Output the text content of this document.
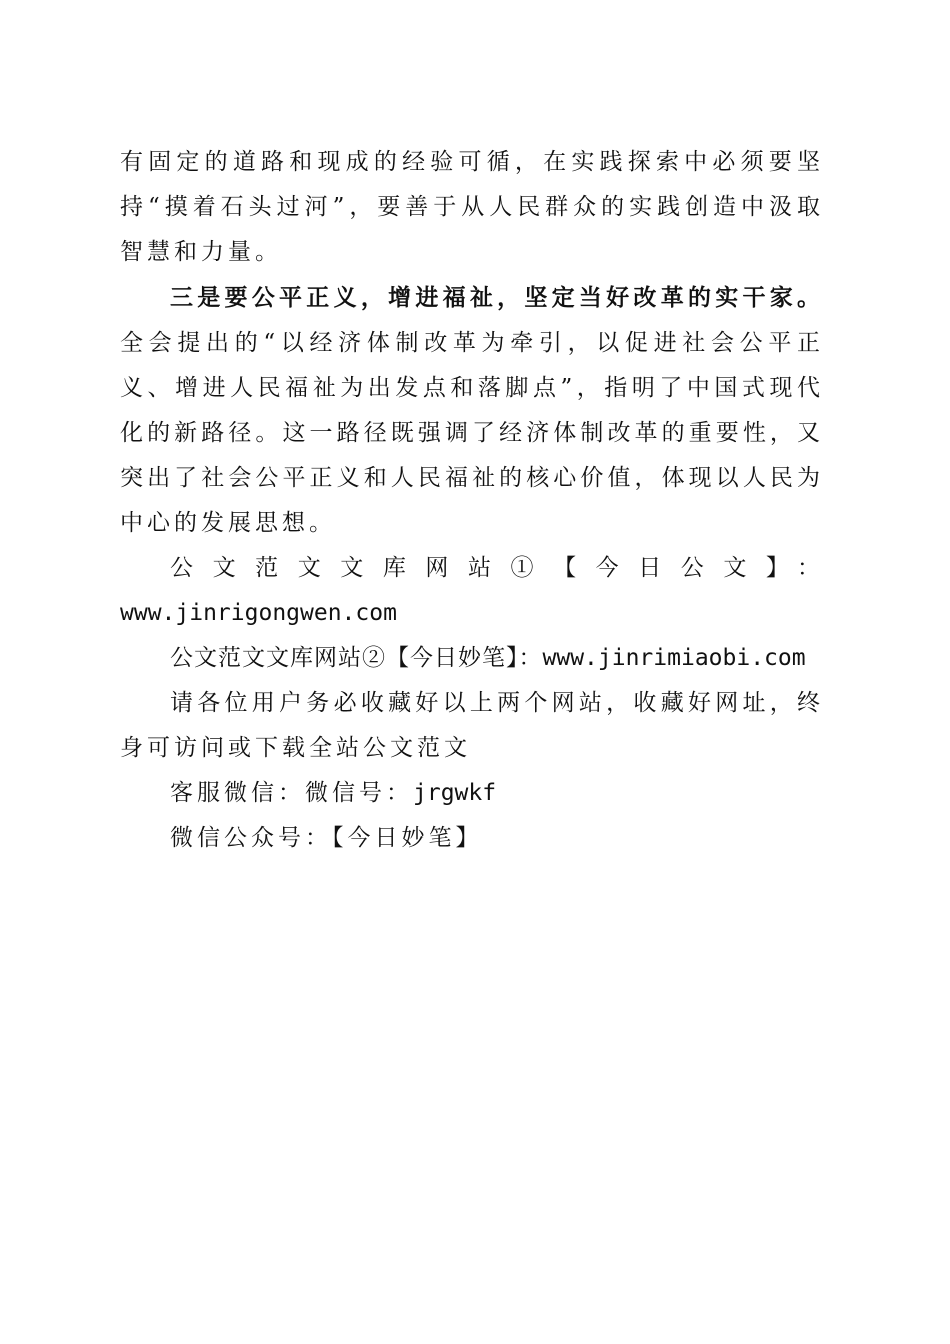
有固定的道路和现成的经验可循，在实践探索中必须要坚持“摸着石头过河”，要善于从人民群众的实践创造中汲取智慧和力量。

三是要公平正义，增进福祉，坚定当好改革的实干家。全会提出的“以经济体制改革为牵引，以促进社会公平正义、增进人民福祉为出发点和落脚点”，指明了中国式现代化的新路径。这一路径既强调了经济体制改革的重要性，又突出了社会公平正义和人民福祉的核心价值，体现以人民为中心的发展思想。

公文范文文库网站①【今日公文】：

www.jinrigongwen.com

公文范文文库网站②【今日妙笔】：www.jinrimiaobi.com

请各位用户务必收藏好以上两个网站，收藏好网址，终身可访问或下载全站公文范文

客服微信：微信号：jrgwkf

微信公众号：【今日妙笔】
